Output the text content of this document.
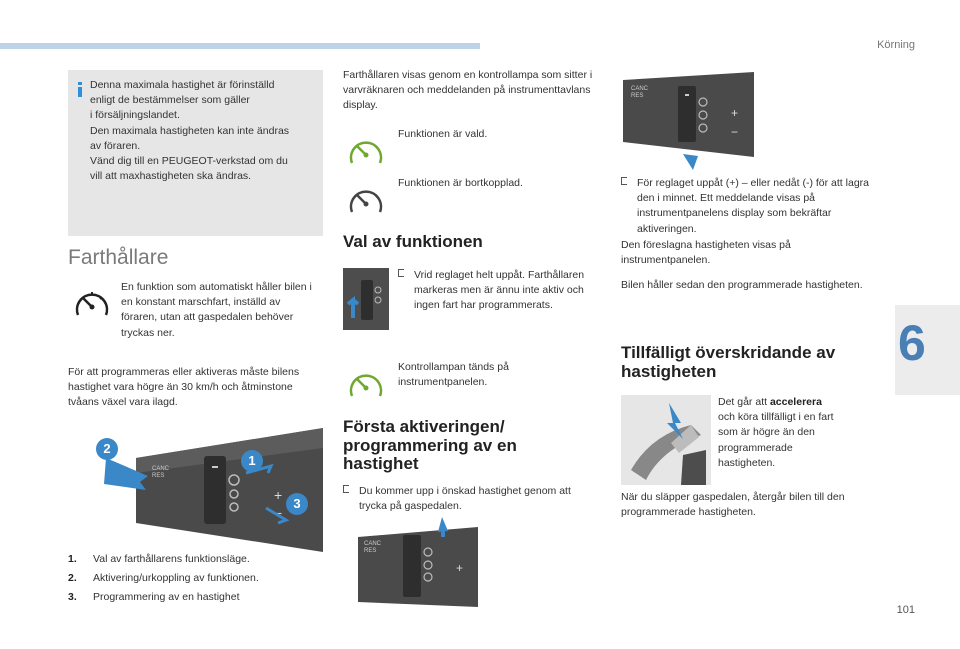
Körning
6
101
Denna maximala hastighet är förinställd
enligt de bestämmelser som gäller
i försäljningslandet.
Den maximala hastigheten kan inte ändras
av föraren.
Vänd dig till en PEUGEOT-verkstad om du
vill att maxhastigheten ska ändras.
Farthållare
En funktion som automatiskt håller bilen i en konstant marschfart, inställd av föraren, utan att gaspedalen behöver tryckas ner.
För att programmeras eller aktiveras måste bilens hastighet vara högre än 30 km/h och åtminstone tvåans växel vara ilagd.
+
−
CANC
RES
2
1
3
1.	Val av farthållarens funktionsläge.
2.	Aktivering/urkoppling av funktionen.
3.	Programmering av en hastighet
Farthållaren visas genom en kontrollampa som sitter i varvräknaren och meddelanden på instrumenttavlans display.
Funktionen är vald.
Funktionen är bortkopplad.
Val av funktionen
Vrid reglaget helt uppåt. Farthållaren markeras men är ännu inte aktiv och ingen fart har programmerats.
Kontrollampan tänds på instrumentpanelen.
Första aktiveringen/
programmering av en
hastighet
Du kommer upp i önskad hastighet genom att trycka på gaspedalen.
+
CANC
RES
+
−
CANC
RES
För reglaget uppåt (+) – eller nedåt (-) för att lagra den i minnet. Ett meddelande visas på instrumentpanelens display som bekräftar aktiveringen.
Den föreslagna hastigheten visas på instrumentpanelen.
Bilen håller sedan den programmerade hastigheten.
Tillfälligt överskridande av
hastigheten
Det går att accelerera och köra tillfälligt i en fart som är högre än den programmerade hastigheten.
När du släpper gaspedalen, återgår bilen till den programmerade hastigheten.
